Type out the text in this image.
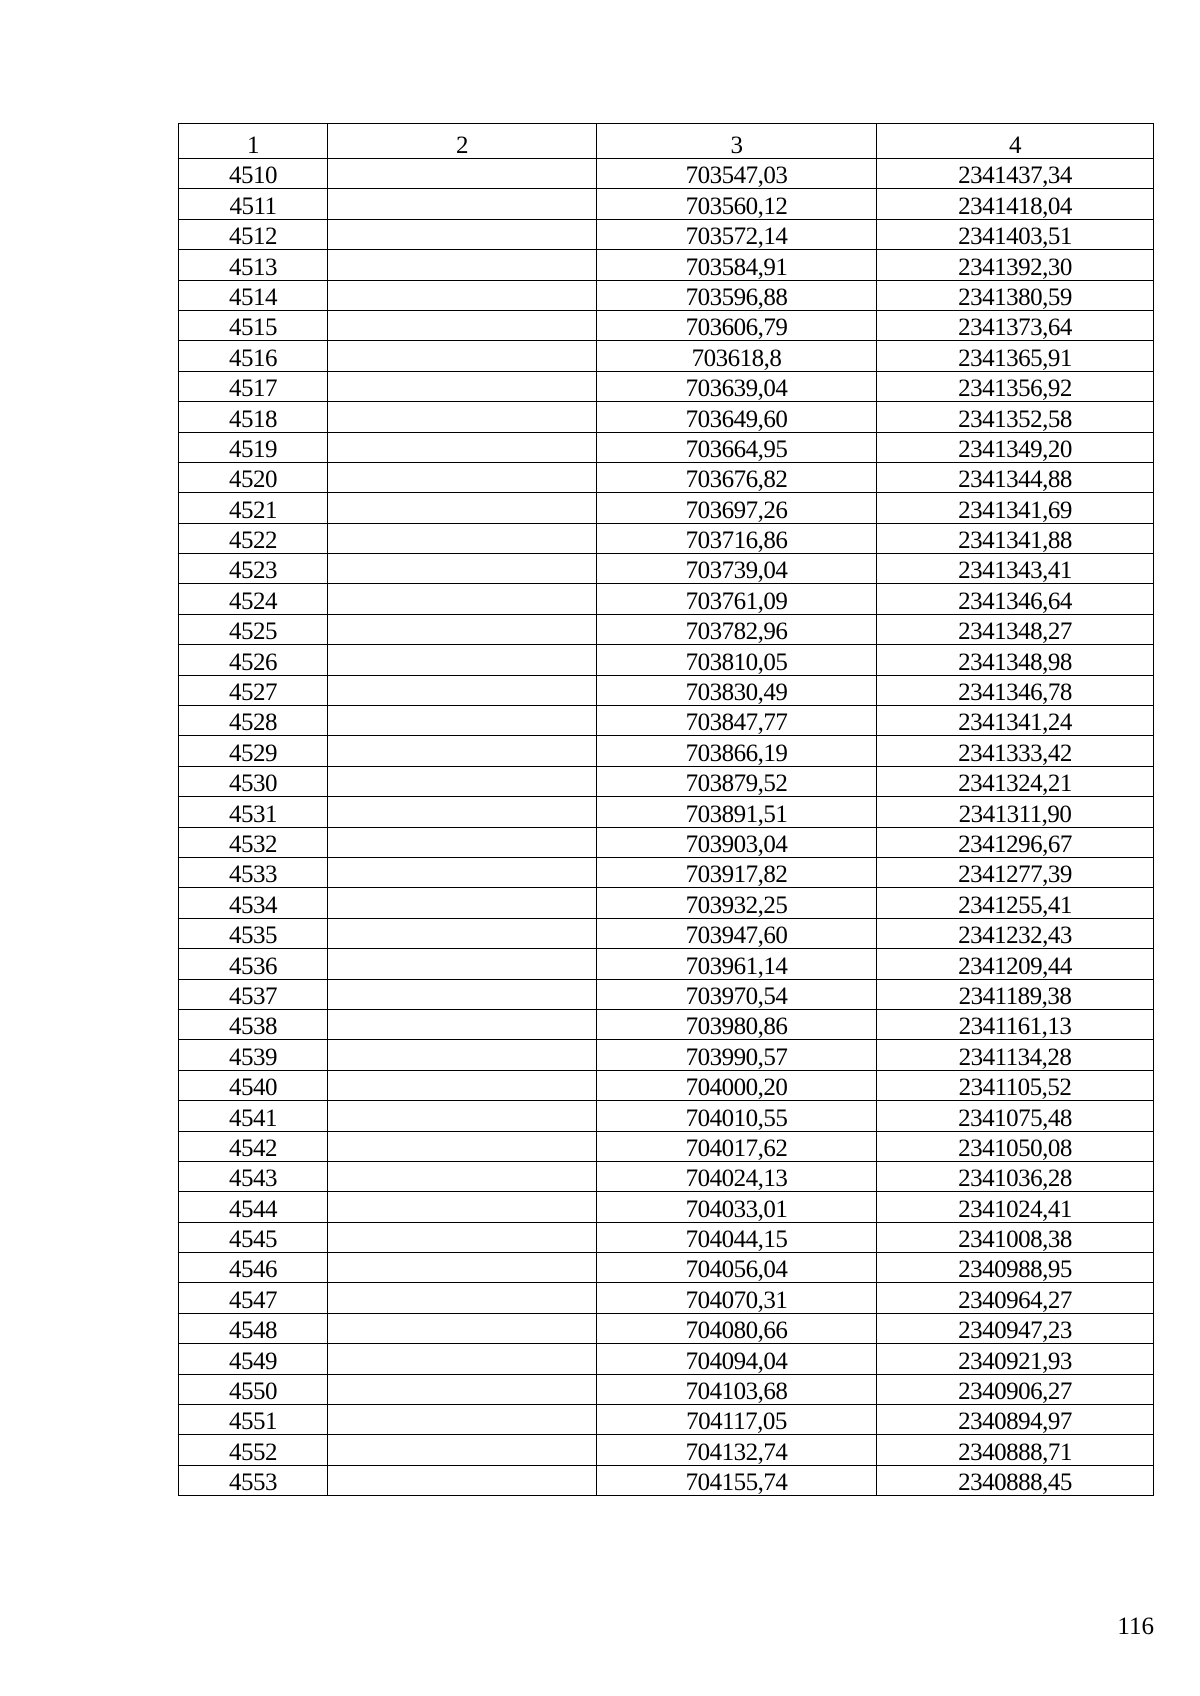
1	2	3	4
4510		703547,03	2341437,34
4511		703560,12	2341418,04
4512		703572,14	2341403,51
4513		703584,91	2341392,30
4514		703596,88	2341380,59
4515		703606,79	2341373,64
4516		703618,8	2341365,91
4517		703639,04	2341356,92
4518		703649,60	2341352,58
4519		703664,95	2341349,20
4520		703676,82	2341344,88
4521		703697,26	2341341,69
4522		703716,86	2341341,88
4523		703739,04	2341343,41
4524		703761,09	2341346,64
4525		703782,96	2341348,27
4526		703810,05	2341348,98
4527		703830,49	2341346,78
4528		703847,77	2341341,24
4529		703866,19	2341333,42
4530		703879,52	2341324,21
4531		703891,51	2341311,90
4532		703903,04	2341296,67
4533		703917,82	2341277,39
4534		703932,25	2341255,41
4535		703947,60	2341232,43
4536		703961,14	2341209,44
4537		703970,54	2341189,38
4538		703980,86	2341161,13
4539		703990,57	2341134,28
4540		704000,20	2341105,52
4541		704010,55	2341075,48
4542		704017,62	2341050,08
4543		704024,13	2341036,28
4544		704033,01	2341024,41
4545		704044,15	2341008,38
4546		704056,04	2340988,95
4547		704070,31	2340964,27
4548		704080,66	2340947,23
4549		704094,04	2340921,93
4550		704103,68	2340906,27
4551		704117,05	2340894,97
4552		704132,74	2340888,71
4553		704155,74	2340888,45
116
